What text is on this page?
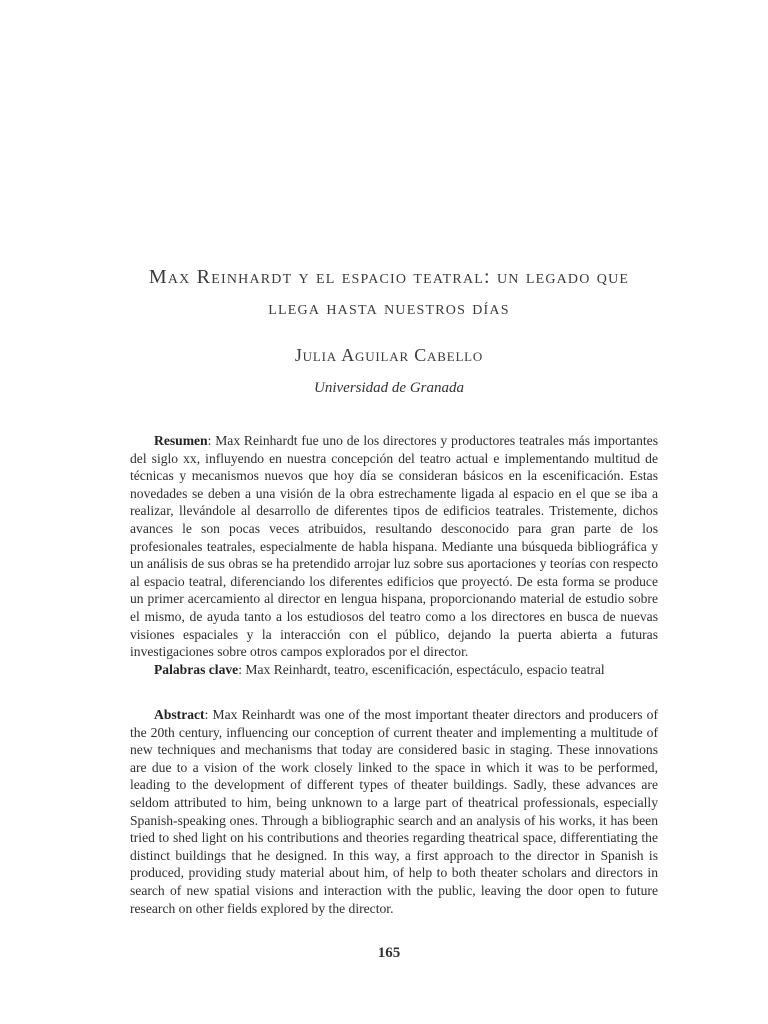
Max Reinhardt y el espacio teatral: un legado que
llega hasta nuestros días
Julia Aguilar Cabello
Universidad de Granada

Resumen: Max Reinhardt fue uno de los directores y productores teatrales más importantes del siglo xx, influyendo en nuestra concepción del teatro actual e implementando multitud de técnicas y mecanismos nuevos que hoy día se consideran básicos en la escenificación. Estas novedades se deben a una visión de la obra estrechamente ligada al espacio en el que se iba a realizar, llevándole al desarrollo de diferentes tipos de edificios teatrales. Tristemente, dichos avances le son pocas veces atribuidos, resultando desconocido para gran parte de los profesionales teatrales, especialmente de habla hispana. Mediante una búsqueda bibliográfica y un análisis de sus obras se ha pretendido arrojar luz sobre sus aportaciones y teorías con respecto al espacio teatral, diferenciando los diferentes edificios que proyectó. De esta forma se produce un primer acercamiento al director en lengua hispana, proporcionando material de estudio sobre el mismo, de ayuda tanto a los estudiosos del teatro como a los directores en busca de nuevas visiones espaciales y la interacción con el público, dejando la puerta abierta a futuras investigaciones sobre otros campos explorados por el director.

Palabras clave: Max Reinhardt, teatro, escenificación, espectáculo, espacio teatral

Abstract: Max Reinhardt was one of the most important theater directors and producers of the 20th century, influencing our conception of current theater and implementing a multitude of new techniques and mechanisms that today are considered basic in staging. These innovations are due to a vision of the work closely linked to the space in which it was to be performed, leading to the development of different types of theater buildings. Sadly, these advances are seldom attributed to him, being unknown to a large part of theatrical professionals, especially Spanish-speaking ones. Through a bibliographic search and an analysis of his works, it has been tried to shed light on his contributions and theories regarding theatrical space, differentiating the distinct buildings that he designed. In this way, a first approach to the director in Spanish is produced, providing study material about him, of help to both theater scholars and directors in search of new spatial visions and interaction with the public, leaving the door open to future research on other fields explored by the director.

165
